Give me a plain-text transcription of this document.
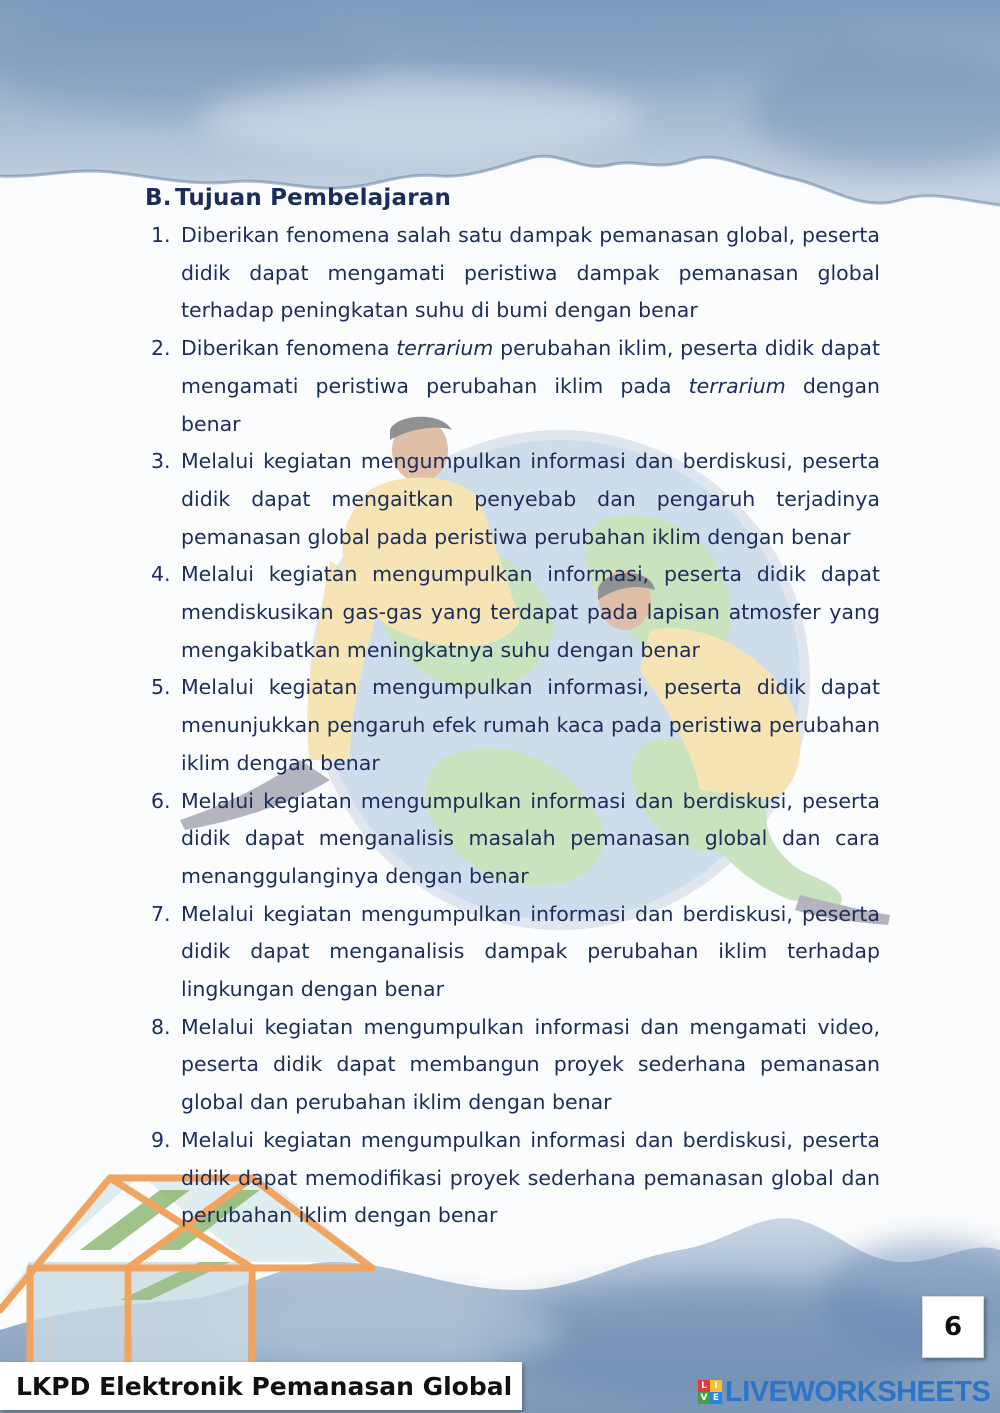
B. Tujuan Pembelajaran
1. Diberikan fenomena salah satu dampak pemanasan global, peserta didik dapat mengamati peristiwa dampak pemanasan global terhadap peningkatan suhu di bumi dengan benar
2. Diberikan fenomena terrarium perubahan iklim, peserta didik dapat mengamati peristiwa perubahan iklim pada terrarium dengan benar
3. Melalui kegiatan mengumpulkan informasi dan berdiskusi, peserta didik dapat mengaitkan penyebab dan pengaruh terjadinya pemanasan global pada peristiwa perubahan iklim dengan benar
4. Melalui kegiatan mengumpulkan informasi, peserta didik dapat mendiskusikan gas-gas yang terdapat pada lapisan atmosfer yang mengakibatkan meningkatnya suhu dengan benar
5. Melalui kegiatan mengumpulkan informasi, peserta didik dapat menunjukkan pengaruh efek rumah kaca pada peristiwa perubahan iklim dengan benar
6. Melalui kegiatan mengumpulkan informasi dan berdiskusi, peserta didik dapat menganalisis masalah pemanasan global dan cara menanggulanginya dengan benar
7. Melalui kegiatan mengumpulkan informasi dan berdiskusi, peserta didik dapat menganalisis dampak perubahan iklim terhadap lingkungan dengan benar
8. Melalui kegiatan mengumpulkan informasi dan mengamati video, peserta didik dapat membangun proyek sederhana pemanasan global dan perubahan iklim dengan benar
9. Melalui kegiatan mengumpulkan informasi dan berdiskusi, peserta didik dapat memodifikasi proyek sederhana pemanasan global dan perubahan iklim dengan benar
6
LKPD Elektronik Pemanasan Global	L I
V E LIVEWORKSHEETS
